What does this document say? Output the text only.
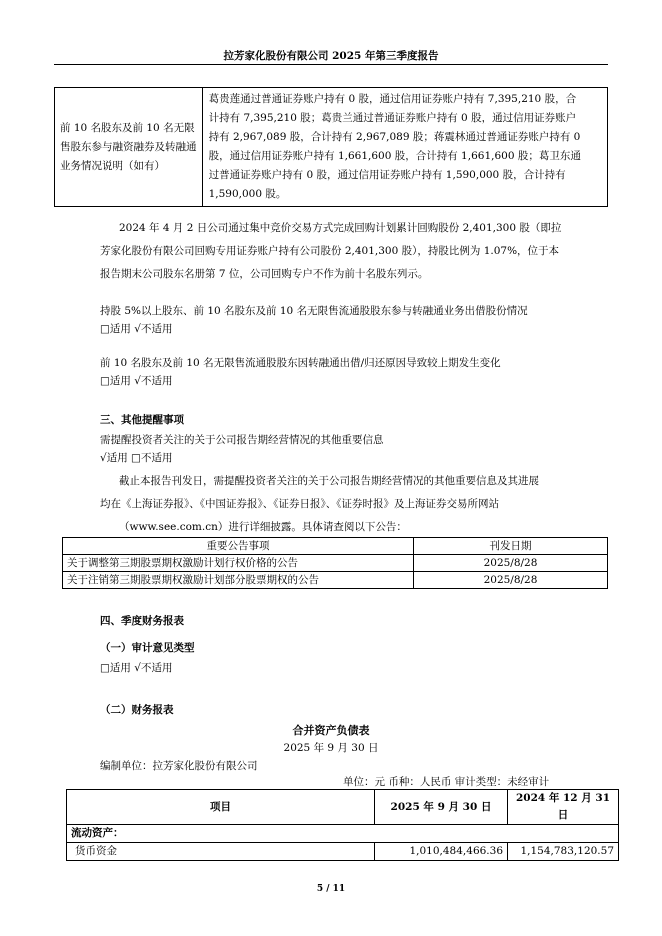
拉芳家化股份有限公司 2025 年第三季度报告
前 10 名股东及前 10 名无限售股东参与融资融券及转融通业务情况说明（如有）	
葛贵莲通过普通证券账户持有 0 股，通过信用证券账户持有 7,395,210 股，合
计持有 7,395,210 股；葛贵兰通过普通证券账户持有 0 股，通过信用证券账户
持有 2,967,089 股，合计持有 2,967,089 股；蒋震林通过普通证券账户持有 0
股，通过信用证券账户持有 1,661,600 股，合计持有 1,661,600 股；葛卫东通
过普通证券账户持有 0 股，通过信用证券账户持有 1,590,000 股，合计持有
1,590,000 股。
2024 年 4 月 2 日公司通过集中竞价交易方式完成回购计划累计回购股份 2,401,300 股（即拉
芳家化股份有限公司回购专用证券账户持有公司股份 2,401,300 股），持股比例为 1.07%，位于本
报告期末公司股东名册第 7 位，公司回购专户不作为前十名股东列示。
持股 5%以上股东、前 10 名股东及前 10 名无限售流通股股东参与转融通业务出借股份情况
□适用 √不适用
前 10 名股东及前 10 名无限售流通股股东因转融通出借/归还原因导致较上期发生变化
□适用 √不适用
三、其他提醒事项
需提醒投资者关注的关于公司报告期经营情况的其他重要信息
√适用 □不适用
截止本报告刊发日，需提醒投资者关注的关于公司报告期经营情况的其他重要信息及其进展
均在《上海证券报》、《中国证券报》、《证券日报》、《证券时报》及上海证券交易所网站
（www.see.com.cn）进行详细披露。具体请查阅以下公告：
重要公告事项	刊发日期
关于调整第三期股票期权激励计划行权价格的公告	2025/8/28
关于注销第三期股票期权激励计划部分股票期权的公告	2025/8/28
四、季度财务报表
（一）审计意见类型
□适用 √不适用
（二）财务报表
合并资产负债表
2025 年 9 月 30 日
编制单位：拉芳家化股份有限公司
单位：元 币种：人民币 审计类型：未经审计
项目	2025 年 9 月 30 日	2024 年 12 月 31 日
流动资产：		
货币资金	1,010,484,466.36	1,154,783,120.57
5 / 11
